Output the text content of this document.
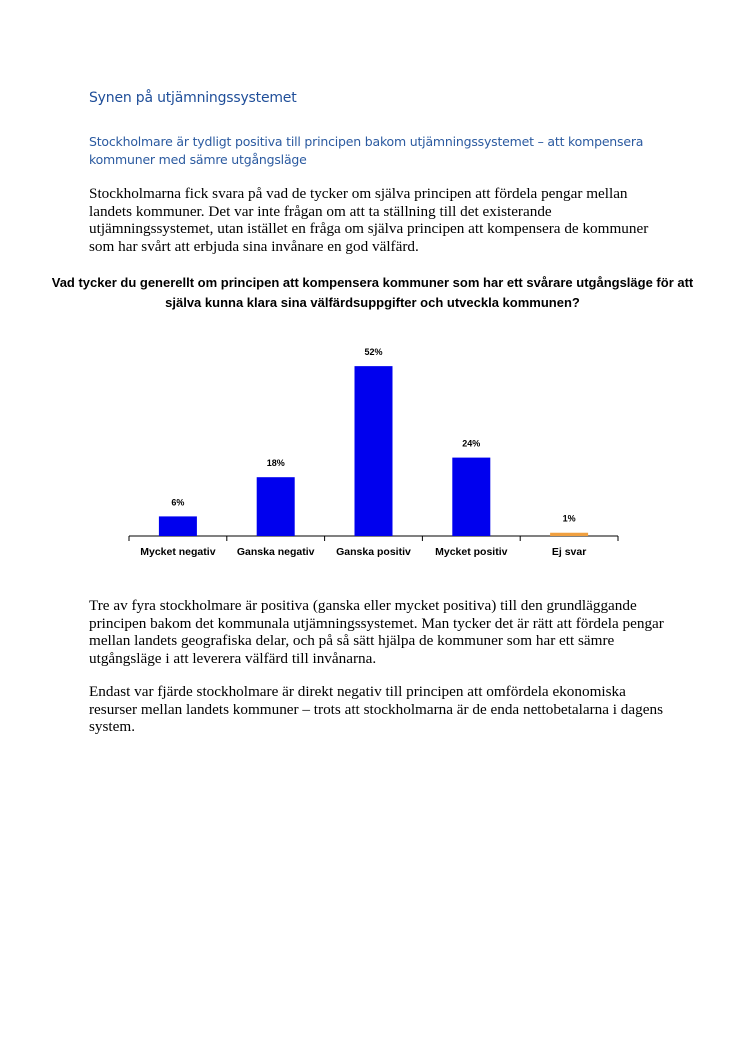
Synen på utjämningssystemet

Stockholmare är tydligt positiva till principen bakom utjämningssystemet – att kompensera kommuner med sämre utgångsläge

Stockholmarna fick svara på vad de tycker om själva principen att fördela pengar mellan landets kommuner. Det var inte frågan om att ta ställning till det existerande utjämningssystemet, utan istället en fråga om själva principen att kompensera de kommuner som har svårt att erbjuda sina invånare en god välfärd.

Vad tycker du generellt om principen att kompensera kommuner som har ett svårare utgångsläge för att själva kunna klara sina välfärdsuppgifter och utveckla kommunen?
6%
Mycket negativ
18%
Ganska negativ
52%
Ganska positiv
24%
Mycket positiv
1%
Ej svar

Tre av fyra stockholmare är positiva (ganska eller mycket positiva) till den grundläggande principen bakom det kommunala utjämningssystemet. Man tycker det är rätt att fördela pengar mellan landets geografiska delar, och på så sätt hjälpa de kommuner som har ett sämre utgångsläge i att leverera välfärd till invånarna.

Endast var fjärde stockholmare är direkt negativ till principen att omfördela ekonomiska resurser mellan landets kommuner – trots att stockholmarna är de enda nettobetalarna i dagens system.
